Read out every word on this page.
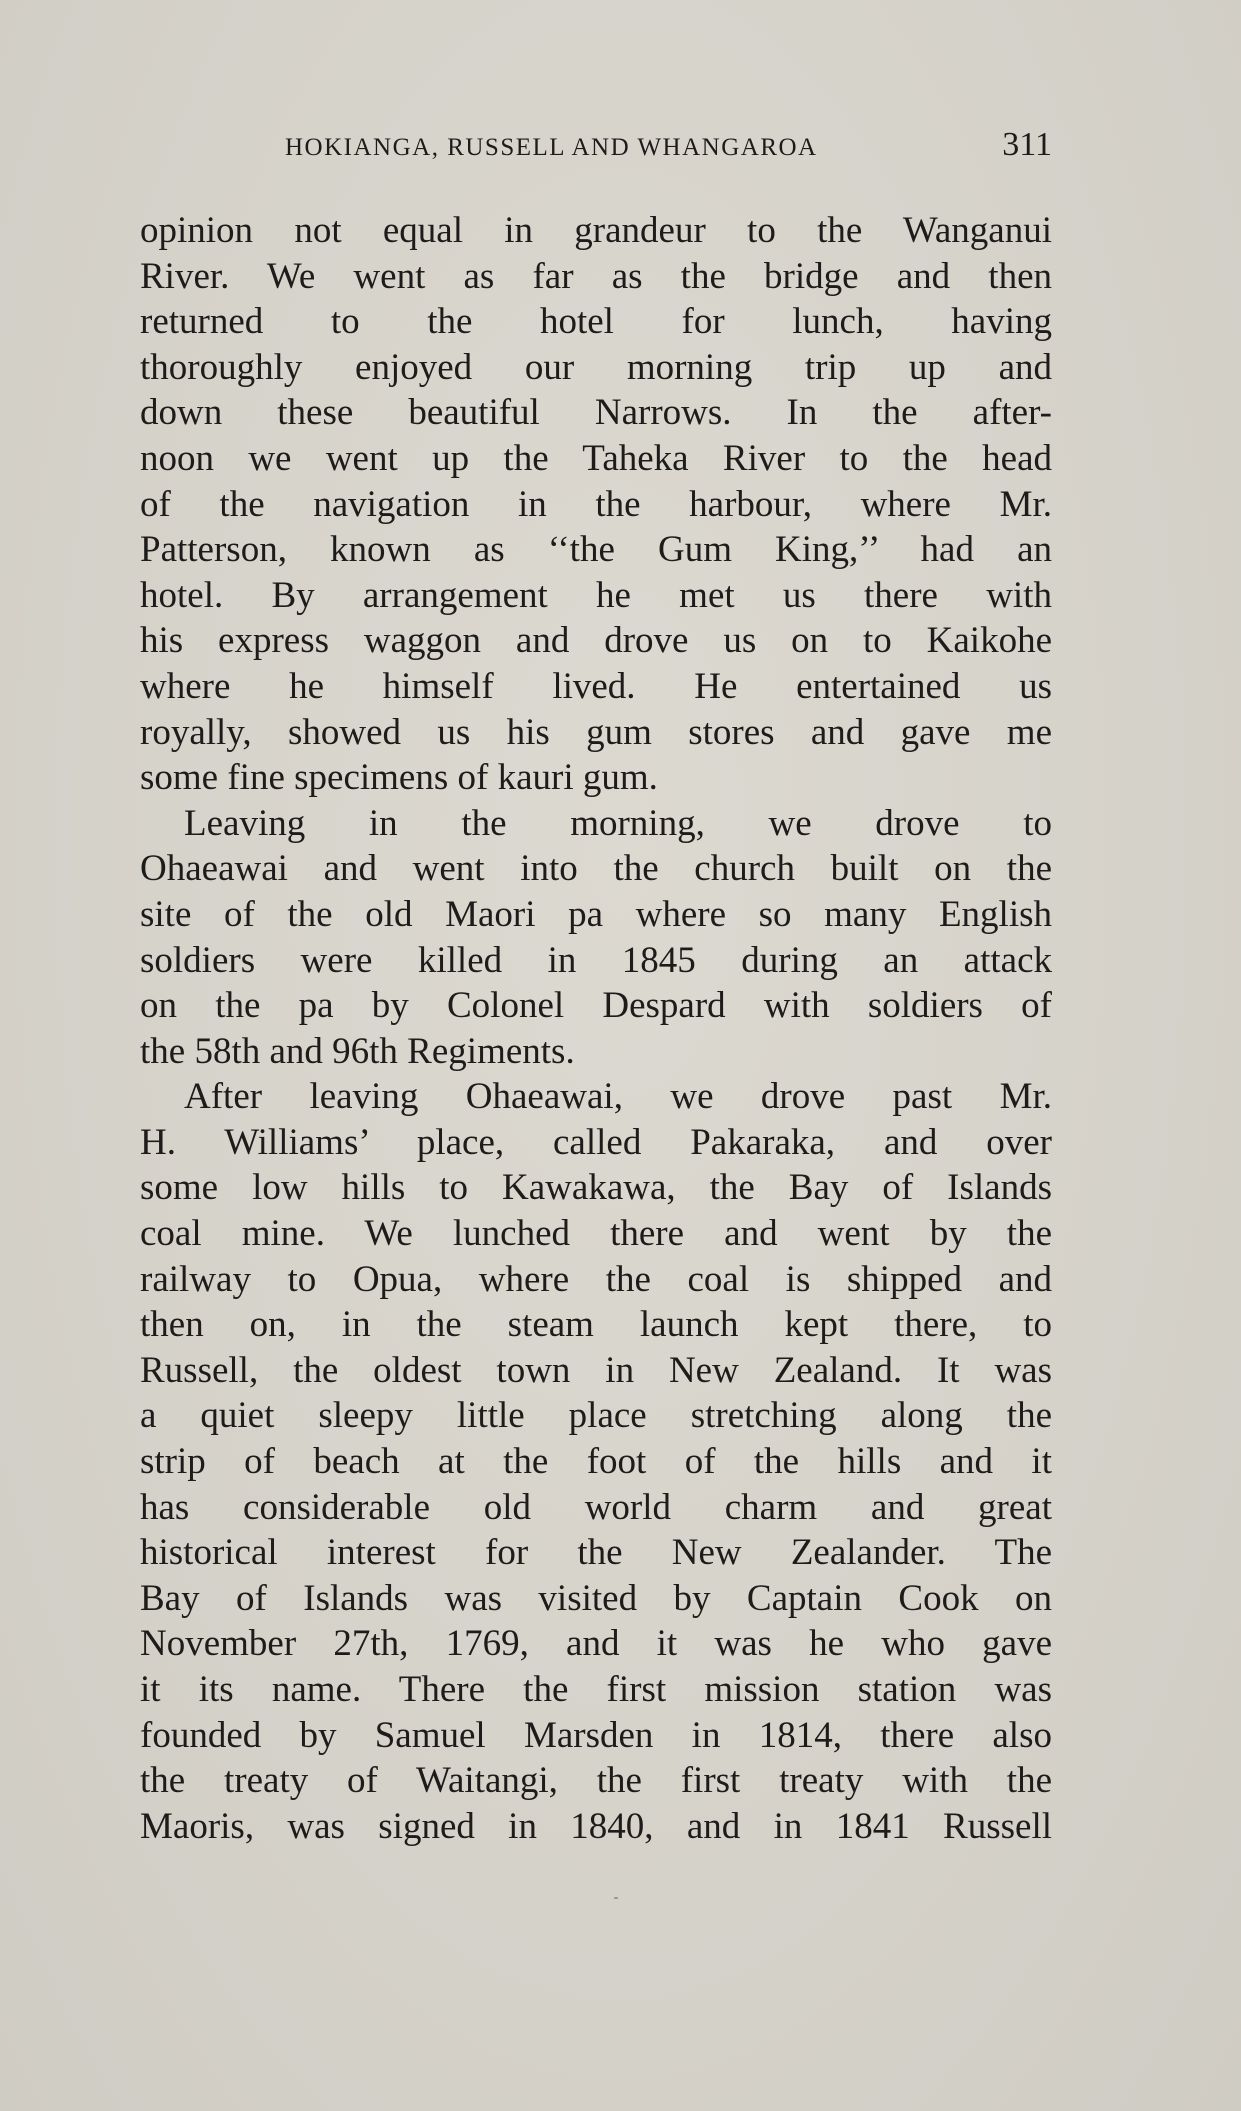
HOKIANGA, RUSSELL AND WHANGAROA	311
opinion not equal in grandeur to the Wanganui
River. We went as far as the bridge and then
returned to the hotel for lunch, having
thoroughly enjoyed our morning trip up and
down these beautiful Narrows. In the after-
noon we went up the Taheka River to the head
of the navigation in the harbour, where Mr.
Patterson, known as ‘‘the Gum King,’’ had an
hotel. By arrangement he met us there with
his express waggon and drove us on to Kaikohe
where he himself lived. He entertained us
royally, showed us his gum stores and gave me
some fine specimens of kauri gum.
Leaving in the morning, we drove to
Ohaeawai and went into the church built on the
site of the old Maori pa where so many English
soldiers were killed in 1845 during an attack
on the pa by Colonel Despard with soldiers of
the 58th and 96th Regiments.
After leaving Ohaeawai, we drove past Mr.
H. Williams’ place, called Pakaraka, and over
some low hills to Kawakawa, the Bay of Islands
coal mine. We lunched there and went by the
railway to Opua, where the coal is shipped and
then on, in the steam launch kept there, to
Russell, the oldest town in New Zealand. It was
a quiet sleepy little place stretching along the
strip of beach at the foot of the hills and it
has considerable old world charm and great
historical interest for the New Zealander. The
Bay of Islands was visited by Captain Cook on
November 27th, 1769, and it was he who gave
it its name. There the first mission station was
founded by Samuel Marsden in 1814, there also
the treaty of Waitangi, the first treaty with the
Maoris, was signed in 1840, and in 1841 Russell
